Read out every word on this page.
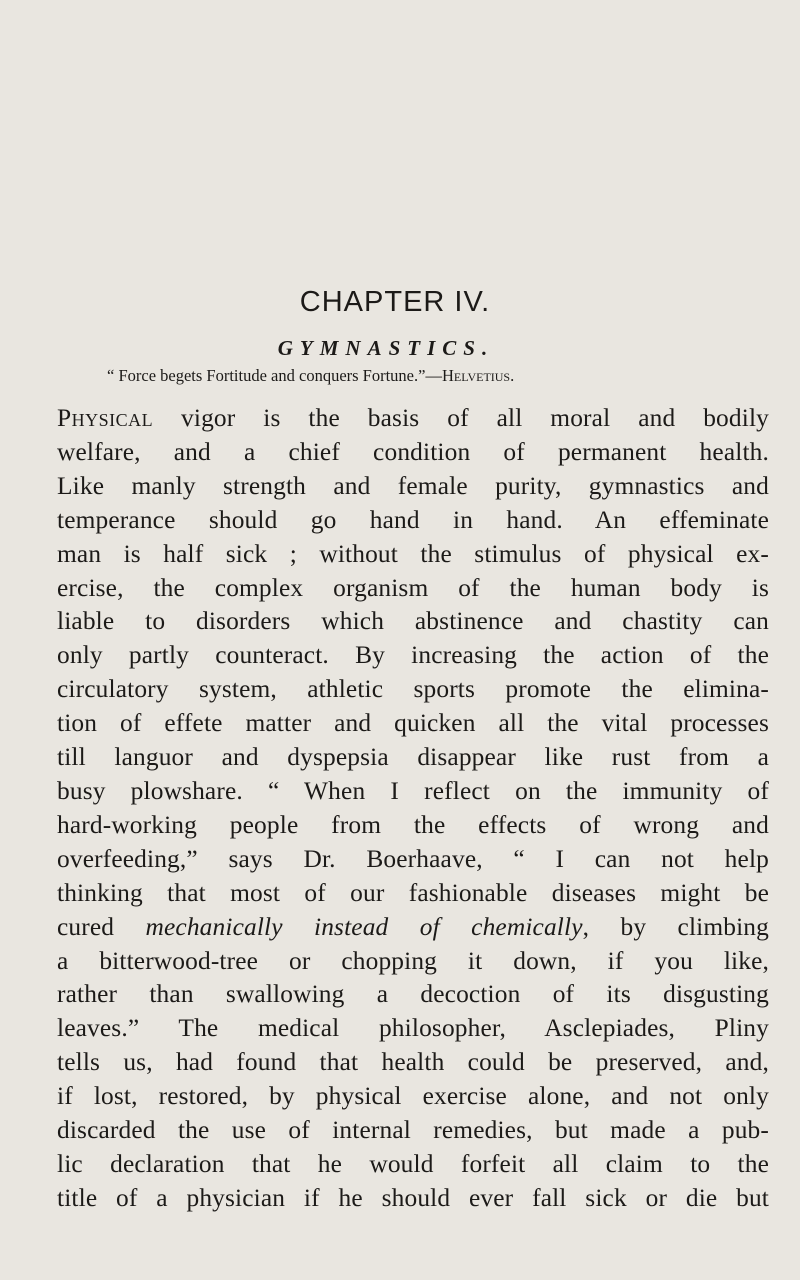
CHAPTER IV.
GYMNASTICS.

“ Force begets Fortitude and conquers Fortune.”—Helvetius.

Physical vigor is the basis of all moral and bodily
welfare, and a chief condition of permanent health.
Like manly strength and female purity, gymnastics and
temperance should go hand in hand. An effeminate
man is half sick ; without the stimulus of physical ex-
ercise, the complex organism of the human body is
liable to disorders which abstinence and chastity can
only partly counteract. By increasing the action of the
circulatory system, athletic sports promote the elimina-
tion of effete matter and quicken all the vital processes
till languor and dyspepsia disappear like rust from a
busy plowshare. “ When I reflect on the immunity of
hard-working people from the effects of wrong and
overfeeding,” says Dr. Boerhaave, “ I can not help
thinking that most of our fashionable diseases might be
cured mechanically instead of chemically, by climbing
a bitterwood-tree or chopping it down, if you like,
rather than swallowing a decoction of its disgusting
leaves.” The medical philosopher, Asclepiades, Pliny
tells us, had found that health could be preserved, and,
if lost, restored, by physical exercise alone, and not only
discarded the use of internal remedies, but made a pub-
lic declaration that he would forfeit all claim to the
title of a physician if he should ever fall sick or die but
